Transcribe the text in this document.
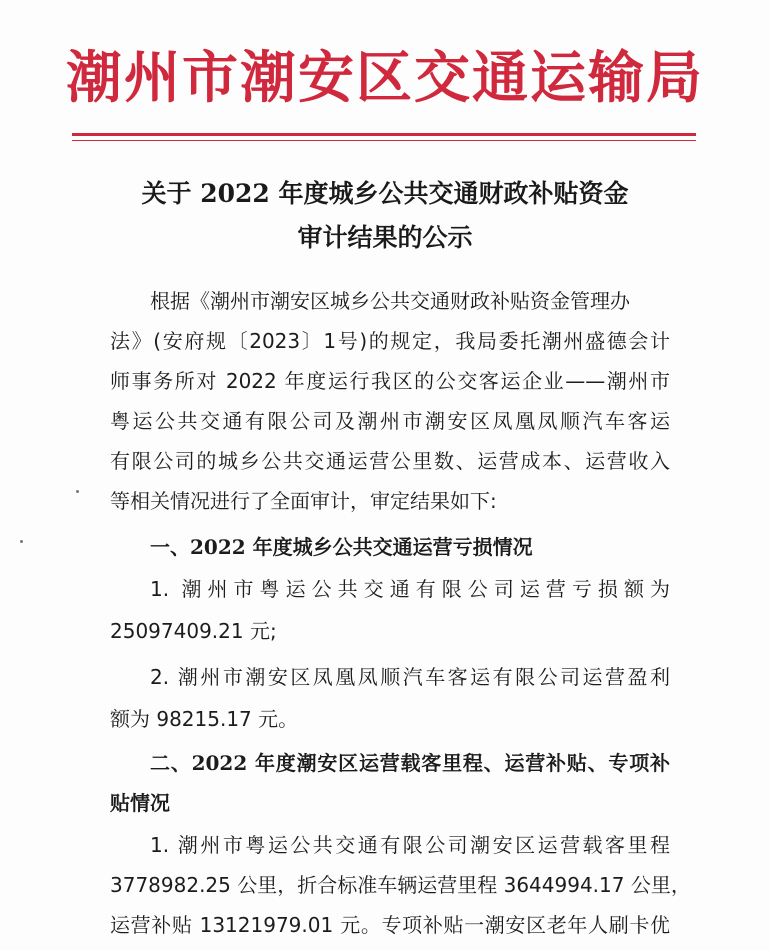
潮州市潮安区交通运输局
关于 2022 年度城乡公共交通财政补贴资金
审计结果的公示
根据《潮州市潮安区城乡公共交通财政补贴资金管理办
法》(安府规〔2023〕1号)的规定，我局委托潮州盛德会计
师事务所对 2022 年度运行我区的公交客运企业——潮州市
粤运公共交通有限公司及潮州市潮安区凤凰凤顺汽车客运
有限公司的城乡公共交通运营公里数、运营成本、运营收入
等相关情况进行了全面审计，审定结果如下:
一、2022 年度城乡公共交通运营亏损情况
1. 潮州市粤运公共交通有限公司运营亏损额为
25097409.21 元;
2. 潮州市潮安区凤凰凤顺汽车客运有限公司运营盈利
额为 98215.17 元。
二、2022 年度潮安区运营载客里程、运营补贴、专项补
贴情况
1. 潮州市粤运公共交通有限公司潮安区运营载客里程
3778982.25 公里，折合标准车辆运营里程 3644994.17 公里，
运营补贴 13121979.01 元。专项补贴一潮安区老年人刷卡优
